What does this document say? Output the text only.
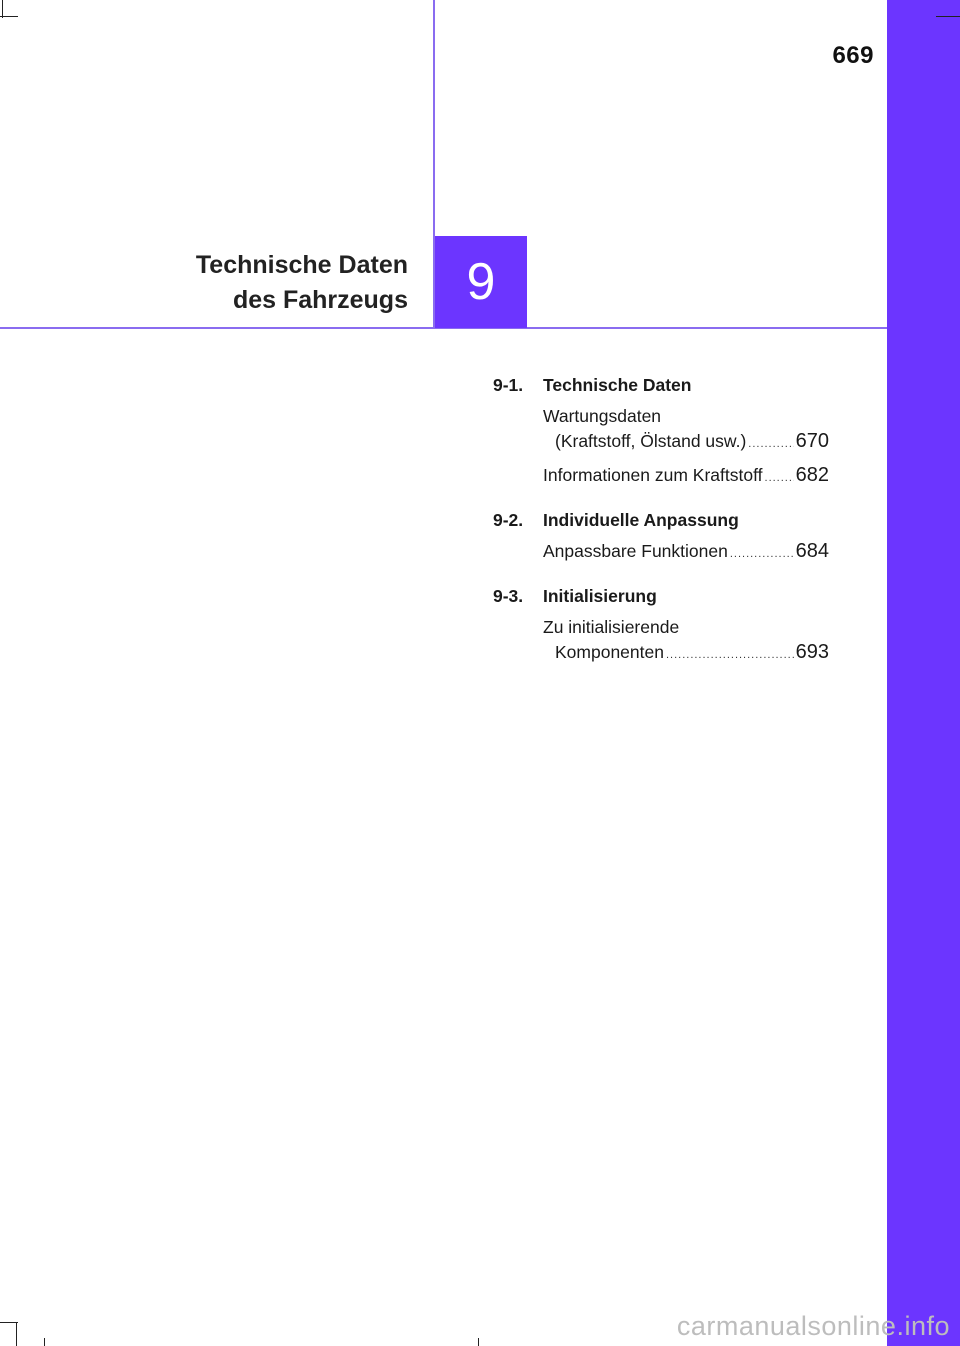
669
Technische Daten
des Fahrzeugs 9
9-1.	Technische Daten
Wartungsdaten
(Kraftstoff, Ölstand usw.) ..... 670
Informationen zum Kraftstoff ..... 682
9-2.	Individuelle Anpassung
Anpassbare Funktionen .....	684
9-3.	Initialisierung
Zu initialisierende
Komponenten .....	693
carmanualsonline.info
